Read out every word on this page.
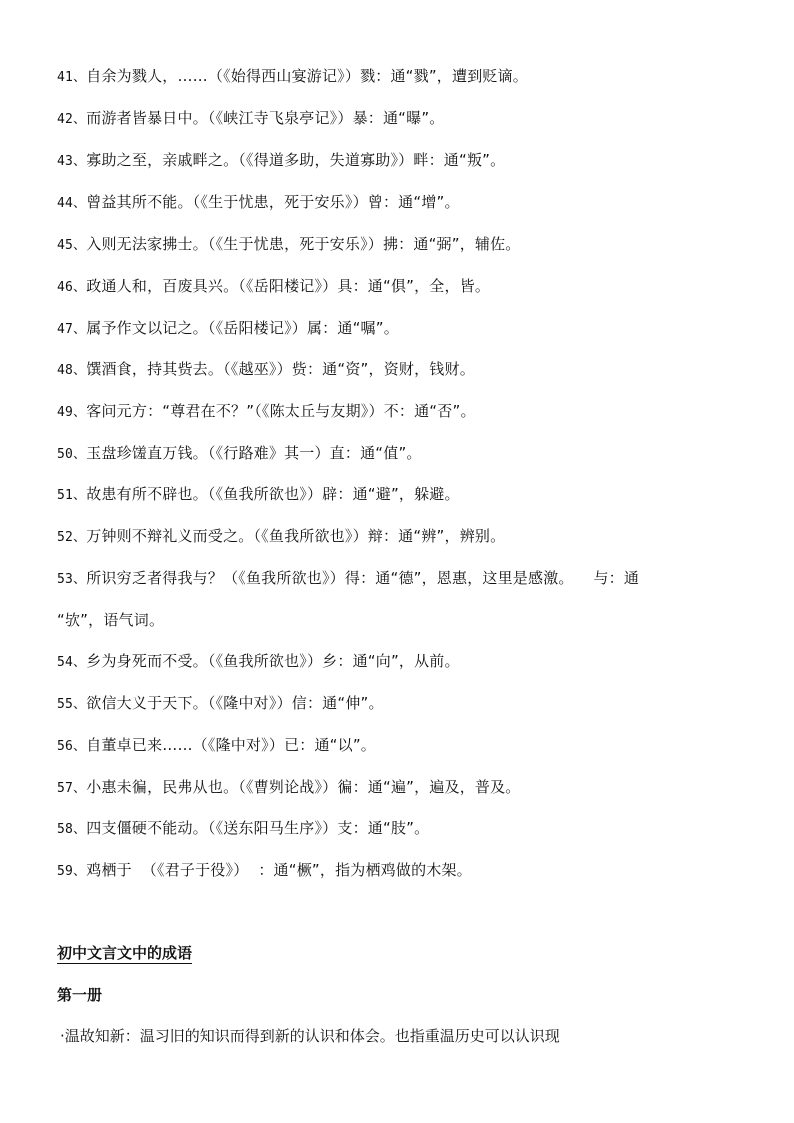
41、自余为戮人，……（《始得西山宴游记》）戮：通“戮”，遭到贬谪。
42、而游者皆暴日中。（《峡江寺飞泉亭记》）暴：通“曝”。
43、寡助之至，亲戚畔之。（《得道多助，失道寡助》）畔：通“叛”。
44、曾益其所不能。（《生于忧患，死于安乐》）曾：通“增”。
45、入则无法家拂士。（《生于忧患，死于安乐》）拂：通“弼”，辅佐。
46、政通人和，百废具兴。（《岳阳楼记》）具：通“俱”，全，皆。
47、属予作文以记之。（《岳阳楼记》）属：通“嘱”。
48、馔酒食，持其赀去。（《越巫》）赀：通“资”，资财，钱财。
49、客问元方：“尊君在不？”（《陈太丘与友期》）不：通“否”。
50、玉盘珍馐直万钱。（《行路难》其一）直：通“值”。
51、故患有所不辟也。（《鱼我所欲也》）辟：通“避”，躲避。
52、万钟则不辩礼义而受之。（《鱼我所欲也》）辩：通“辨”，辨别。
53、所识穷乏者得我与？（《鱼我所欲也》）得：通“德”，恩惠，这里是感激。    与：通
“欤”，语气词。
54、乡为身死而不受。（《鱼我所欲也》）乡：通“向”，从前。
55、欲信大义于天下。（《隆中对》）信：通“伸”。
56、自董卓已来……（《隆中对》）已：通“以”。
57、小惠未徧，民弗从也。（《曹刿论战》）徧：通“遍”，遍及，普及。
58、四支僵硬不能动。（《送东阳马生序》）支：通“肢”。
59、鸡栖于  （《君子于役》）  ：通“橛”，指为栖鸡做的木架。
初中文言文中的成语
第一册
·温故知新：温习旧的知识而得到新的认识和体会。也指重温历史可以认识现
